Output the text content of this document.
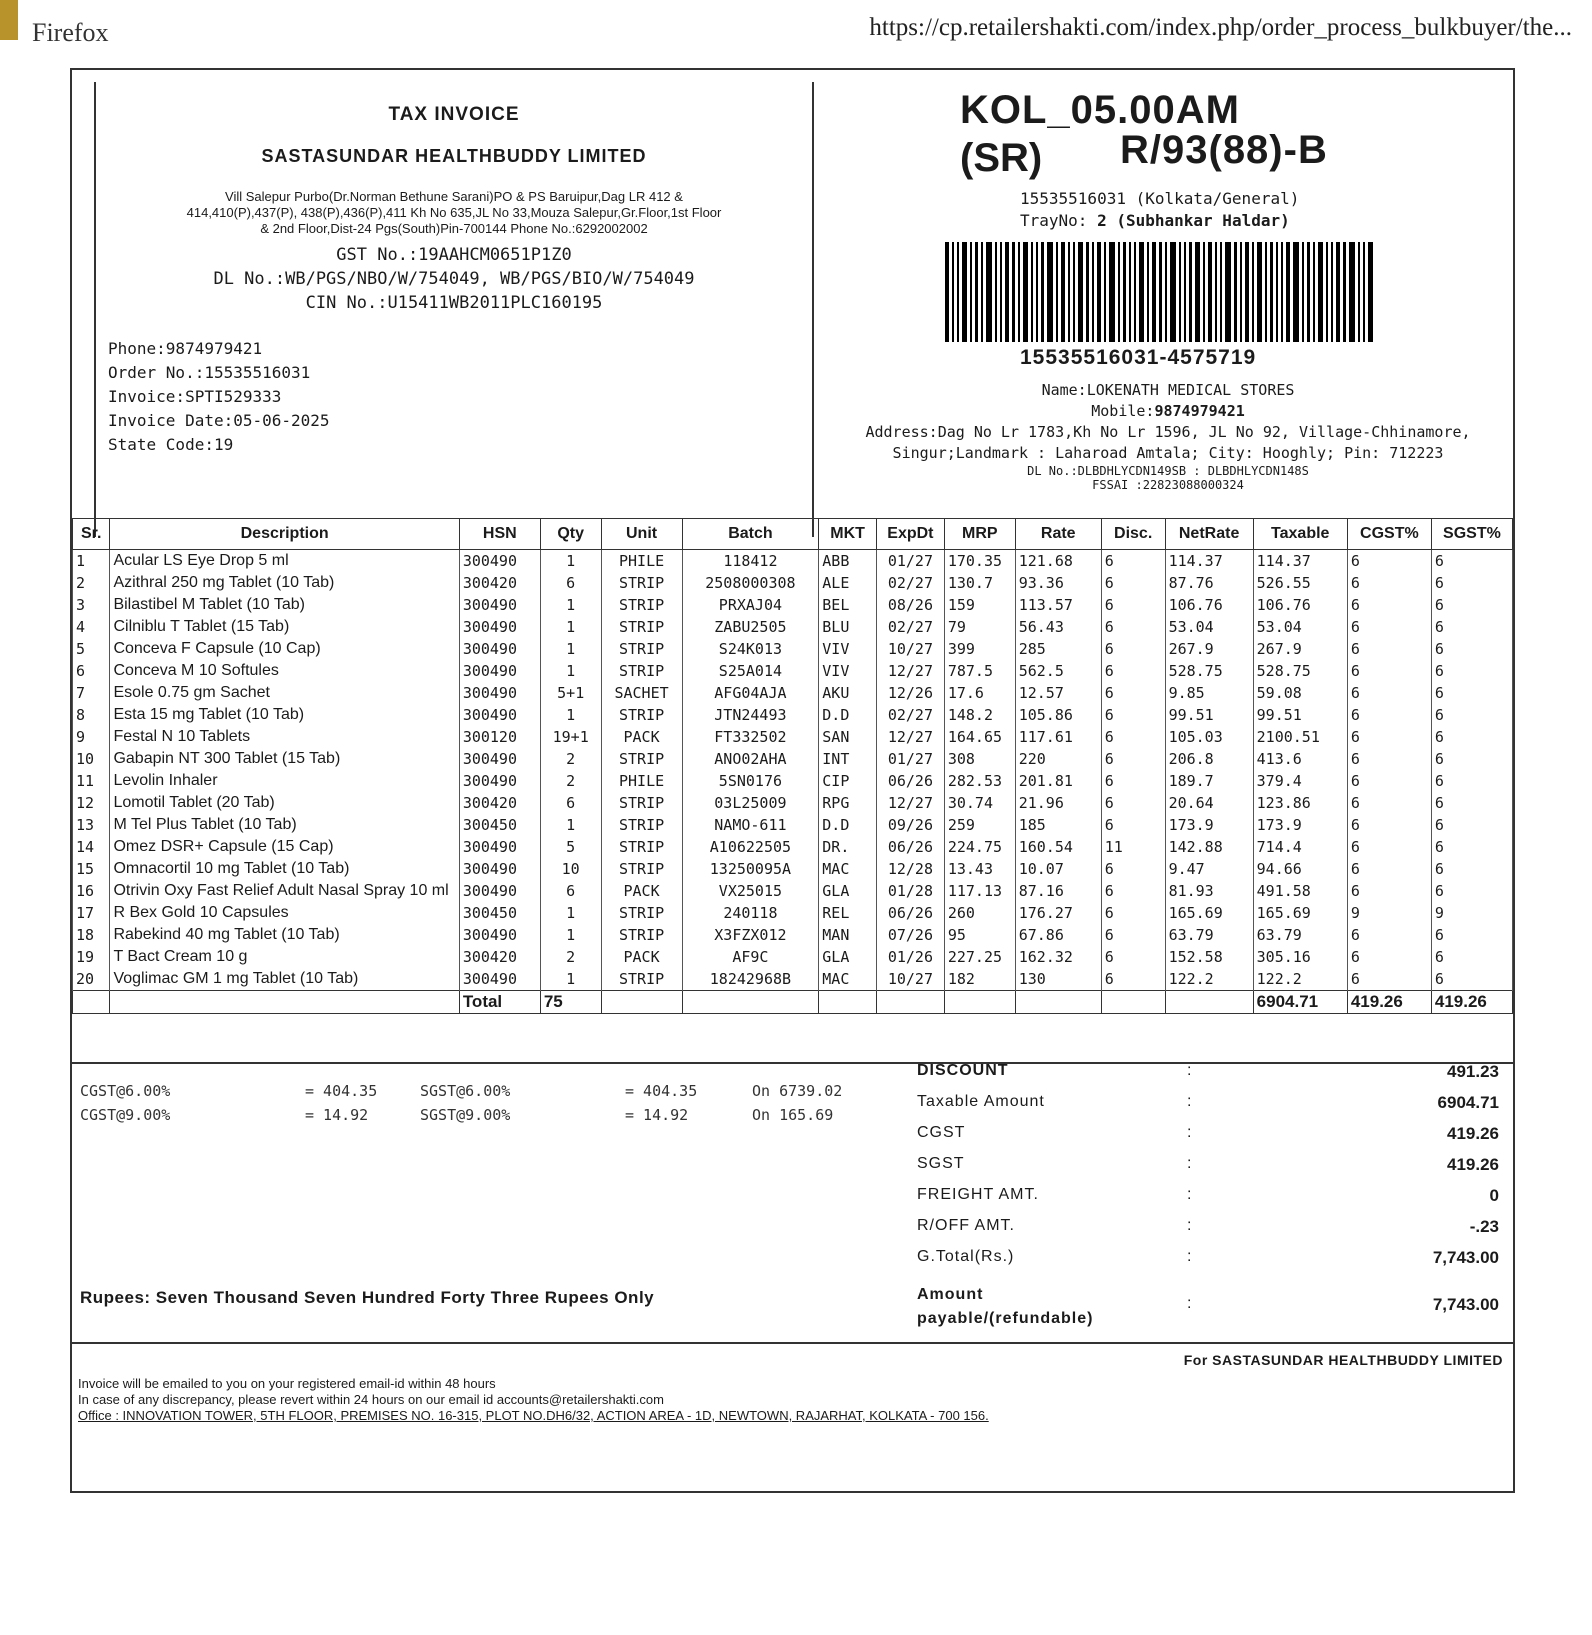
Firefox	https://cp.retailershakti.com/index.php/order_process_bulkbuyer/the...
TAX INVOICE
SASTASUNDAR HEALTHBUDDY LIMITED
Vill Salepur Purbo(Dr.Norman Bethune Sarani)PO & PS Baruipur,Dag LR 412 &
414,410(P),437(P), 438(P),436(P),411 Kh No 635,JL No 33,Mouza Salepur,Gr.Floor,1st Floor
& 2nd Floor,Dist-24 Pgs(South)Pin-700144 Phone No.:6292002002
GST No.:19AAHCM0651P1Z0
DL No.:WB/PGS/NBO/W/754049, WB/PGS/BIO/W/754049
CIN No.:U15411WB2011PLC160195
Phone:9874979421
Order No.:15535516031
Invoice:SPTI529333
Invoice Date:05-06-2025
State Code:19
KOL_05.00AM
(SR) R/93(88)-B
15535516031 (Kolkata/General)
TrayNo: 2 (Subhankar Haldar)
15535516031-4575719
Name:LOKENATH MEDICAL STORES
Mobile:9874979421
Address:Dag No Lr 1783,Kh No Lr 1596, JL No 92, Village-Chhinamore,
Singur;Landmark : Laharoad Amtala; City: Hooghly; Pin: 712223
DL No.:DLBDHLYCDN149SB : DLBDHLYCDN148S
FSSAI :22823088000324
Sr.	Description	HSN	Qty	Unit	Batch	MKT	ExpDt	MRP	Rate	Disc.	NetRate	Taxable	CGST%	SGST%
1	Acular LS Eye Drop 5 ml	300490	1	PHILE	118412	ABB	01/27	170.35	121.68	6	114.37	114.37	6	6
2	Azithral 250 mg Tablet (10 Tab)	300420	6	STRIP	2508000308	ALE	02/27	130.7	93.36	6	87.76	526.55	6	6
3	Bilastibel M Tablet (10 Tab)	300490	1	STRIP	PRXAJ04	BEL	08/26	159	113.57	6	106.76	106.76	6	6
4	Cilniblu T Tablet (15 Tab)	300490	1	STRIP	ZABU2505	BLU	02/27	79	56.43	6	53.04	53.04	6	6
5	Conceva F Capsule (10 Cap)	300490	1	STRIP	S24K013	VIV	10/27	399	285	6	267.9	267.9	6	6
6	Conceva M 10 Softules	300490	1	STRIP	S25A014	VIV	12/27	787.5	562.5	6	528.75	528.75	6	6
7	Esole 0.75 gm Sachet	300490	5+1	SACHET	AFG04AJA	AKU	12/26	17.6	12.57	6	9.85	59.08	6	6
8	Esta 15 mg Tablet (10 Tab)	300490	1	STRIP	JTN24493	D.D	02/27	148.2	105.86	6	99.51	99.51	6	6
9	Festal N 10 Tablets	300120	19+1	PACK	FT332502	SAN	12/27	164.65	117.61	6	105.03	2100.51	6	6
10	Gabapin NT 300 Tablet (15 Tab)	300490	2	STRIP	ANO02AHA	INT	01/27	308	220	6	206.8	413.6	6	6
11	Levolin Inhaler	300490	2	PHILE	5SN0176	CIP	06/26	282.53	201.81	6	189.7	379.4	6	6
12	Lomotil Tablet (20 Tab)	300420	6	STRIP	03L25009	RPG	12/27	30.74	21.96	6	20.64	123.86	6	6
13	M Tel Plus Tablet (10 Tab)	300450	1	STRIP	NAMO-611	D.D	09/26	259	185	6	173.9	173.9	6	6
14	Omez DSR+ Capsule (15 Cap)	300490	5	STRIP	A10622505	DR.	06/26	224.75	160.54	11	142.88	714.4	6	6
15	Omnacortil 10 mg Tablet (10 Tab)	300490	10	STRIP	13250095A	MAC	12/28	13.43	10.07	6	9.47	94.66	6	6
16	Otrivin Oxy Fast Relief Adult Nasal Spray 10 ml	300490	6	PACK	VX25015	GLA	01/28	117.13	87.16	6	81.93	491.58	6	6
17	R Bex Gold 10 Capsules	300450	1	STRIP	240118	REL	06/26	260	176.27	6	165.69	165.69	9	9
18	Rabekind 40 mg Tablet (10 Tab)	300490	1	STRIP	X3FZX012	MAN	07/26	95	67.86	6	63.79	63.79	6	6
19	T Bact Cream 10 g	300420	2	PACK	AF9C	GLA	01/26	227.25	162.32	6	152.58	305.16	6	6
20	Voglimac GM 1 mg Tablet (10 Tab)	300490	1	STRIP	18242968B	MAC	10/27	182	130	6	122.2	122.2	6	6
		Total	75									6904.71	419.26	419.26
CGST@6.00%	= 404.35	SGST@6.00%	= 404.35	On 6739.02
CGST@9.00%	= 14.92	SGST@9.00%	= 14.92	On 165.69
DISCOUNT	:	491.23
Taxable Amount	:	6904.71
CGST	:	419.26
SGST	:	419.26
FREIGHT AMT.	:	0
R/OFF AMT.	:	-.23
G.Total(Rs.)	:	7,743.00
Amount
payable/(refundable)
:	7,743.00
Rupees: Seven Thousand Seven Hundred Forty Three Rupees Only
For SASTASUNDAR HEALTHBUDDY LIMITED
Invoice will be emailed to you on your registered email-id within 48 hours
In case of any discrepancy, please revert within 24 hours on our email id accounts@retailershakti.com
Office : INNOVATION TOWER, 5TH FLOOR, PREMISES NO. 16-315, PLOT NO.DH6/32, ACTION AREA - 1D, NEWTOWN, RAJARHAT, KOLKATA - 700 156.
